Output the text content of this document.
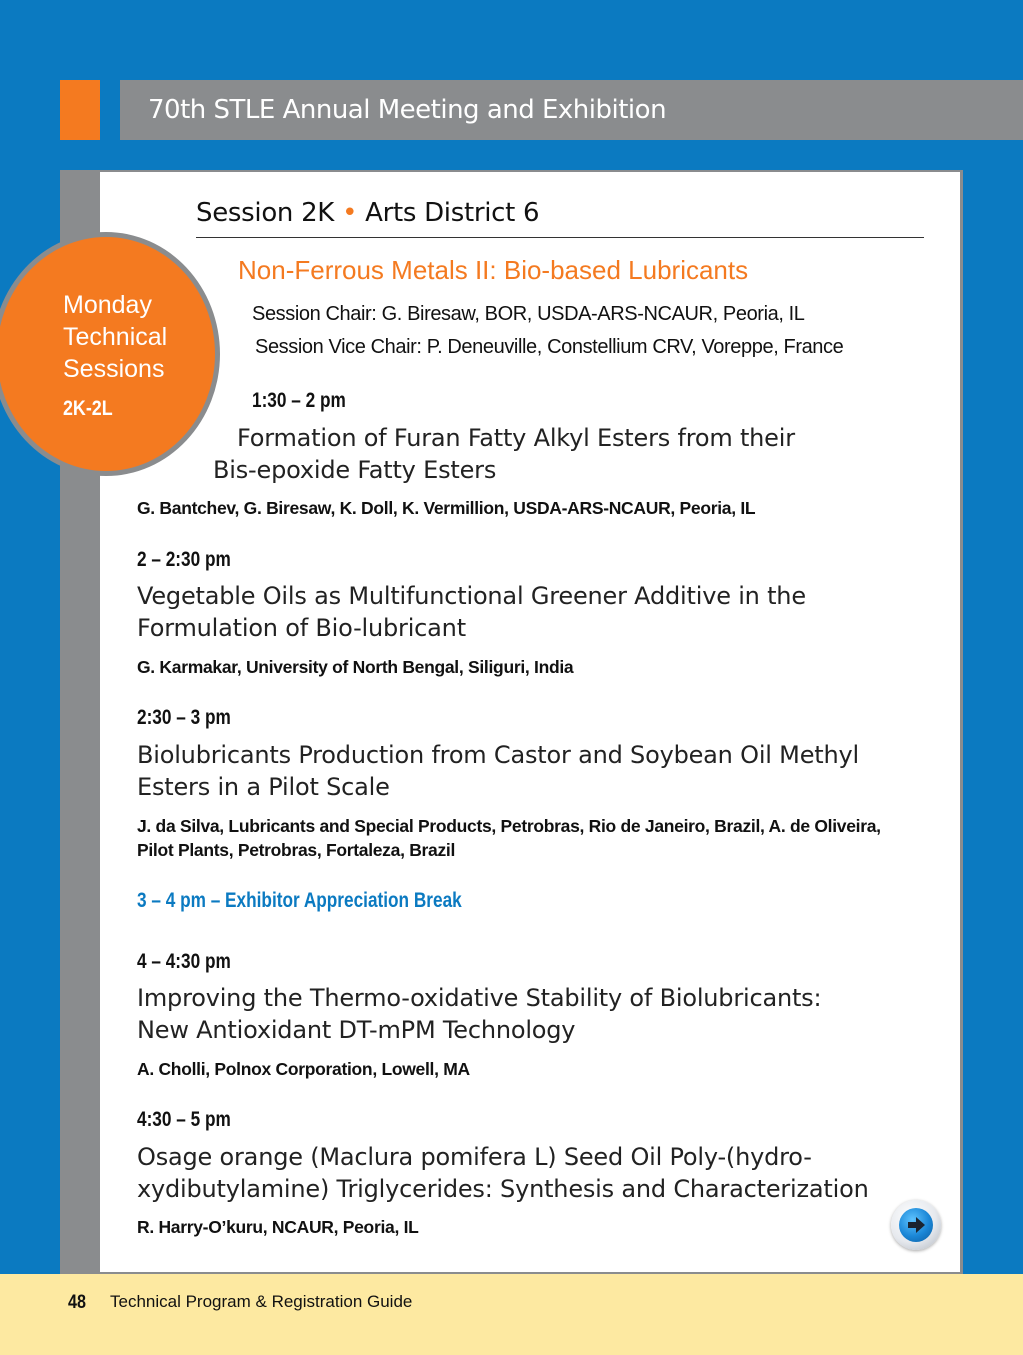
70th STLE Annual Meeting and Exhibition
Monday
Technical
Sessions
2K-2L
Session 2K • Arts District 6
Non-Ferrous Metals II: Bio-based Lubricants
Session Chair: G. Biresaw, BOR, USDA-ARS-NCAUR, Peoria, IL
Session Vice Chair: P. Deneuville, Constellium CRV, Voreppe, France
1:30 – 2 pm
Formation of Furan Fatty Alkyl Esters from their
Bis-epoxide Fatty Esters
G. Bantchev, G. Biresaw, K. Doll, K. Vermillion, USDA-ARS-NCAUR, Peoria, IL
2 – 2:30 pm
Vegetable Oils as Multifunctional Greener Additive in the
Formulation of Bio-lubricant
G. Karmakar, University of North Bengal, Siliguri, India
2:30 – 3 pm
Biolubricants Production from Castor and Soybean Oil Methyl
Esters in a Pilot Scale
J. da Silva, Lubricants and Special Products, Petrobras, Rio de Janeiro, Brazil, A. de Oliveira,
Pilot Plants, Petrobras, Fortaleza, Brazil
3 – 4 pm – Exhibitor Appreciation Break
4 – 4:30 pm
Improving the Thermo-oxidative Stability of Biolubricants:
New Antioxidant DT-mPM Technology
A. Cholli, Polnox Corporation, Lowell, MA
4:30 – 5 pm
Osage orange (Maclura pomifera L) Seed Oil Poly-(hydro-
xydibutylamine) Triglycerides: Synthesis and Characterization
R. Harry-O’kuru, NCAUR, Peoria, IL
48 Technical Program & Registration Guide
